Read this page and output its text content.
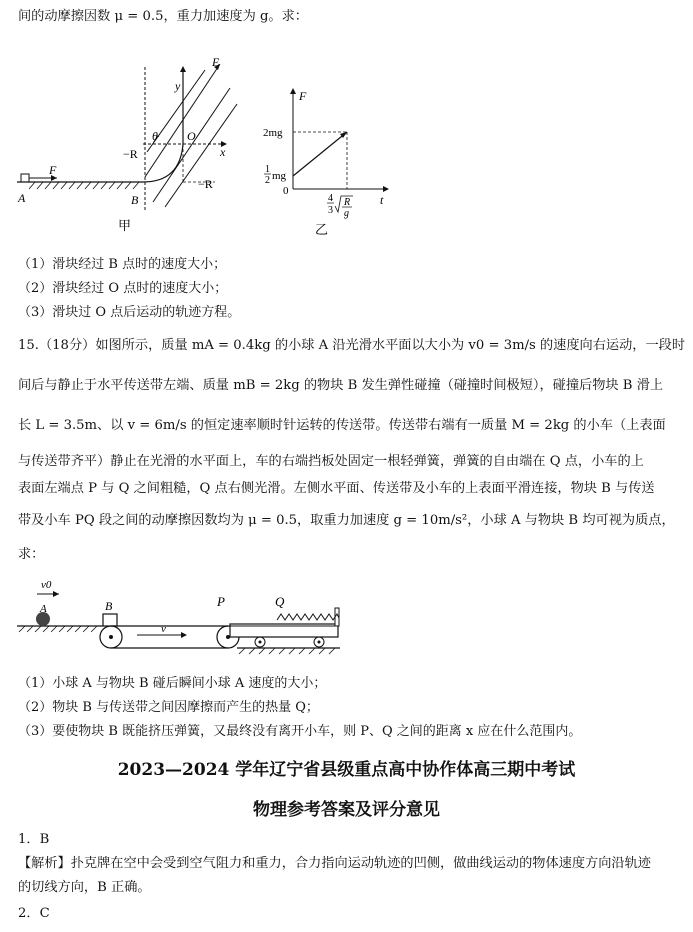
间的动摩擦因数 μ = 0.5，重力加速度为 g。求：
E
y
x
O
θ
−R
−R
B
F
A
甲
F
t
2mg
1
2 mg
0
4
3
R
g
乙
（1）滑块经过 B 点时的速度大小；
（2）滑块经过 O 点时的速度大小；
（3）滑块过 O 点后运动的轨迹方程。
15.（18分）如图所示，质量 mA = 0.4kg 的小球 A 沿光滑水平面以大小为 v0 = 3m/s 的速度向右运动，一段时
间后与静止于水平传送带左端、质量 mB = 2kg 的物块 B 发生弹性碰撞（碰撞时间极短），碰撞后物块 B 滑上
长 L = 3.5m、以 v = 6m/s 的恒定速率顺时针运转的传送带。传送带右端有一质量 M = 2kg 的小车（上表面
与传送带齐平）静止在光滑的水平面上，车的右端挡板处固定一根轻弹簧，弹簧的自由端在 Q 点，小车的上
表面左端点 P 与 Q 之间粗糙，Q 点右侧光滑。左侧水平面、传送带及小车的上表面平滑连接，物块 B 与传送
带及小车 PQ 段之间的动摩擦因数均为 μ = 0.5，取重力加速度 g = 10m/s²，小球 A 与物块 B 均可视为质点，
求：
v0
A	B
v
P	Q
（1）小球 A 与物块 B 碰后瞬间小球 A 速度的大小；
（2）物块 B 与传送带之间因摩擦而产生的热量 Q；
（3）要使物块 B 既能挤压弹簧，又最终没有离开小车，则 P、Q 之间的距离 x 应在什么范围内。
2023—2024 学年辽宁省县级重点高中协作体高三期中考试
物理参考答案及评分意见
1．B
【解析】扑克牌在空中会受到空气阻力和重力，合力指向运动轨迹的凹侧，做曲线运动的物体速度方向沿轨迹
的切线方向，B 正确。
2．C
